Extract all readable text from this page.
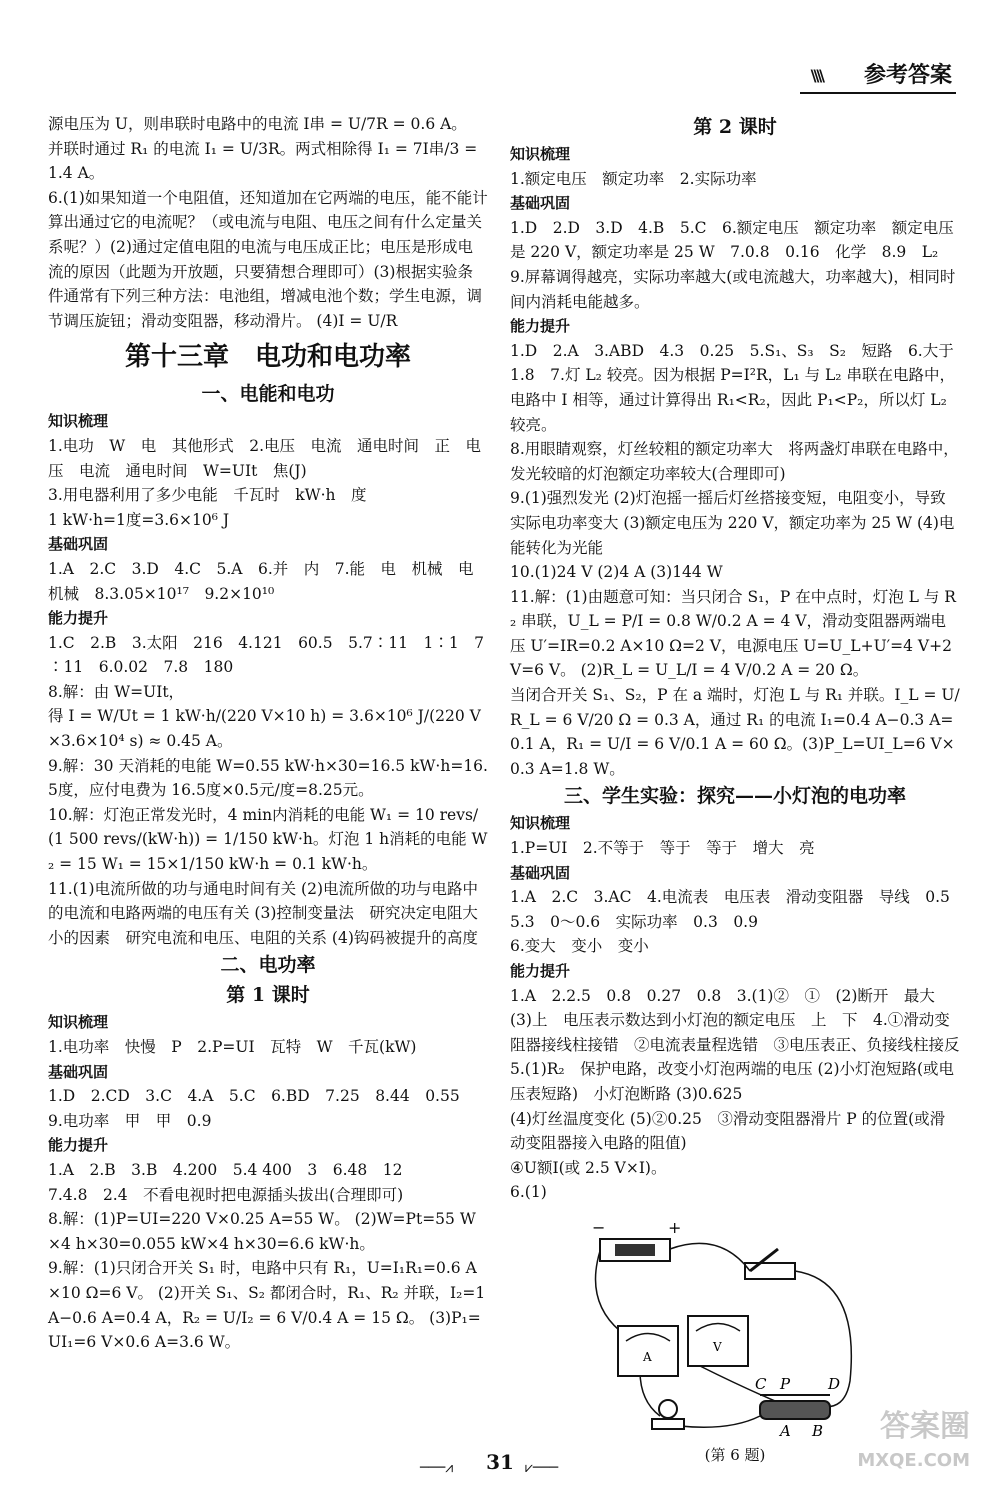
\\\\ 参考答案
源电压为 U，则串联时电路中的电流 I串 = U/7R = 0.6 A。
并联时通过 R₁ 的电流 I₁ = U/3R。两式相除得 I₁ = 7I串/3 =
1.4 A。
6.(1)如果知道一个电阻值，还知道加在它两端的电压，能不能计算出通过它的电流呢？（或电流与电阻、电压之间有什么定量关系呢？）(2)通过定值电阻的电流与电压成正比；电压是形成电流的原因（此题为开放题，只要猜想合理即可）(3)根据实验条件通常有下列三种方法：电池组，增减电池个数；学生电源，调节调压旋钮；滑动变阻器，移动滑片。 (4)I = U/R
第十三章　电功和电功率
一、电能和电功
知识梳理
1.电功　W　电　其他形式　2.电压　电流　通电时间　正　电压　电流　通电时间　W=UIt　焦(J)
3.用电器利用了多少电能　千瓦时　kW·h　度
1 kW·h=1度=3.6×10⁶ J
基础巩固
1.A　2.C　3.D　4.C　5.A　6.并　内　7.能　电　机械　电　机械　8.3.05×10¹⁷　9.2×10¹⁰
能力提升
1.C　2.B　3.太阳　216　4.121　60.5　5.7∶11　1∶1　7∶11　6.0.02　7.8　180
8.解：由 W=UIt，
得 I = W/Ut = 1 kW·h/(220 V×10 h) = 3.6×10⁶ J/(220 V×3.6×10⁴ s) ≈ 0.45 A。
9.解：30 天消耗的电能 W=0.55 kW·h×30=16.5 kW·h=16.5度，应付电费为 16.5度×0.5元/度=8.25元。
10.解：灯泡正常发光时，4 min内消耗的电能 W₁ = 10 revs/(1 500 revs/(kW·h)) = 1/150 kW·h。灯泡 1 h消耗的电能 W₂ = 15 W₁ = 15×1/150 kW·h = 0.1 kW·h。
11.(1)电流所做的功与通电时间有关 (2)电流所做的功与电路中的电流和电路两端的电压有关 (3)控制变量法　研究决定电阻大小的因素　研究电流和电压、电阻的关系 (4)钩码被提升的高度
二、电功率
第 1 课时
知识梳理
1.电功率　快慢　P　2.P=UI　瓦特　W　千瓦(kW)
基础巩固
1.D　2.CD　3.C　4.A　5.C　6.BD　7.25　8.44　0.55　9.电功率　甲　甲　0.9
能力提升
1.A　2.B　3.B　4.200　5.4 400　3　6.48　12
7.4.8　2.4　不看电视时把电源插头拔出(合理即可)
8.解：(1)P=UI=220 V×0.25 A=55 W。 (2)W=Pt=55 W×4 h×30=0.055 kW×4 h×30=6.6 kW·h。
9.解：(1)只闭合开关 S₁ 时，电路中只有 R₁，U=I₁R₁=0.6 A×10 Ω=6 V。 (2)开关 S₁、S₂ 都闭合时，R₁、R₂ 并联，I₂=1 A−0.6 A=0.4 A，R₂ = U/I₂ = 6 V/0.4 A = 15 Ω。 (3)P₁=UI₁=6 V×0.6 A=3.6 W。
第 2 课时
知识梳理
1.额定电压　额定功率　2.实际功率
基础巩固
1.D　2.D　3.D　4.B　5.C　6.额定电压　额定功率　额定电压是 220 V，额定功率是 25 W　7.0.8　0.16　化学　8.9　L₂　9.屏幕调得越亮，实际功率越大(或电流越大，功率越大)，相同时间内消耗电能越多。
能力提升
1.D　2.A　3.ABD　4.3　0.25　5.S₁、S₃　S₂　短路　6.大于　1.8　7.灯 L₂ 较亮。因为根据 P=I²R，L₁ 与 L₂ 串联在电路中，电路中 I 相等，通过计算得出 R₁<R₂，因此 P₁<P₂，所以灯 L₂ 较亮。
8.用眼睛观察，灯丝较粗的额定功率大　将两盏灯串联在电路中，发光较暗的灯泡额定功率较大(合理即可)
9.(1)强烈发光 (2)灯泡摇一摇后灯丝搭接变短，电阻变小，导致实际电功率变大 (3)额定电压为 220 V，额定功率为 25 W (4)电能转化为光能
10.(1)24 V (2)4 A (3)144 W
11.解：(1)由题意可知：当只闭合 S₁，P 在中点时，灯泡 L 与 R₂ 串联，U_L = P/I = 0.8 W/0.2 A = 4 V，滑动变阻器两端电压 U′=IR=0.2 A×10 Ω=2 V，电源电压 U=U_L+U′=4 V+2 V=6 V。 (2)R_L = U_L/I = 4 V/0.2 A = 20 Ω。
当闭合开关 S₁、S₂，P 在 a 端时，灯泡 L 与 R₁ 并联。I_L = U/R_L = 6 V/20 Ω = 0.3 A，通过 R₁ 的电流 I₁=0.4 A−0.3 A=0.1 A，R₁ = U/I = 6 V/0.1 A = 60 Ω。(3)P_L=UI_L=6 V×0.3 A=1.8 W。
三、学生实验：探究——小灯泡的电功率
知识梳理
1.P=UI　2.不等于　等于　等于　增大　亮
基础巩固
1.A　2.C　3.AC　4.电流表　电压表　滑动变阻器　导线　0.5　5.3　0～0.6　实际功率　0.3　0.9
6.变大　变小　变小
能力提升
1.A　2.2.5　0.8　0.27　0.8　3.(1)②　①　(2)断开　最大　(3)上　电压表示数达到小灯泡的额定电压　上　下　4.①滑动变阻器接线柱接错　②电流表量程选错　③电压表正、负接线柱接反
5.(1)R₂　保护电路，改变小灯泡两端的电压 (2)小灯泡短路(或电压表短路)　小灯泡断路 (3)0.625
(4)灯丝温度变化 (5)②0.25　③滑动变阻器滑片 P 的位置(或滑动变阻器接入电路的阻值)
④U额I(或 2.5 V×I)。
6.(1)
−	+
A
V
C P	D
A B
(第 6 题)
───⩘	31 ⩗───
答案圈
MXQE.COM
